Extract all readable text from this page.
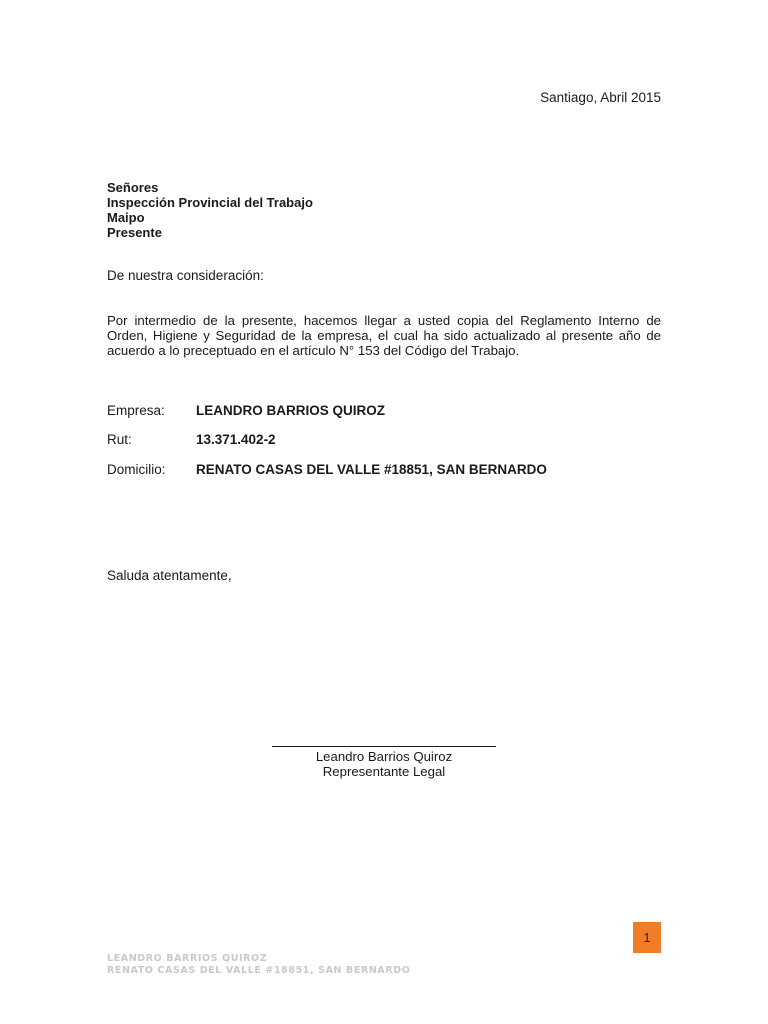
Santiago, Abril 2015
Señores
Inspección Provincial del Trabajo
Maipo
Presente
De nuestra consideración:
Por intermedio de la presente, hacemos llegar a usted copia del Reglamento Interno de Orden, Higiene y Seguridad de la empresa, el cual ha sido actualizado al presente año de acuerdo a lo preceptuado en el artículo N° 153 del Código del Trabajo.
Empresa:	LEANDRO BARRIOS QUIROZ
Rut:	13.371.402-2
Domicilio:	RENATO CASAS DEL VALLE #18851, SAN BERNARDO
Saluda atentamente,
Leandro Barrios Quiroz
Representante Legal
1
LEANDRO BARRIOS QUIROZ
RENATO CASAS DEL VALLE #18851, SAN BERNARDO
